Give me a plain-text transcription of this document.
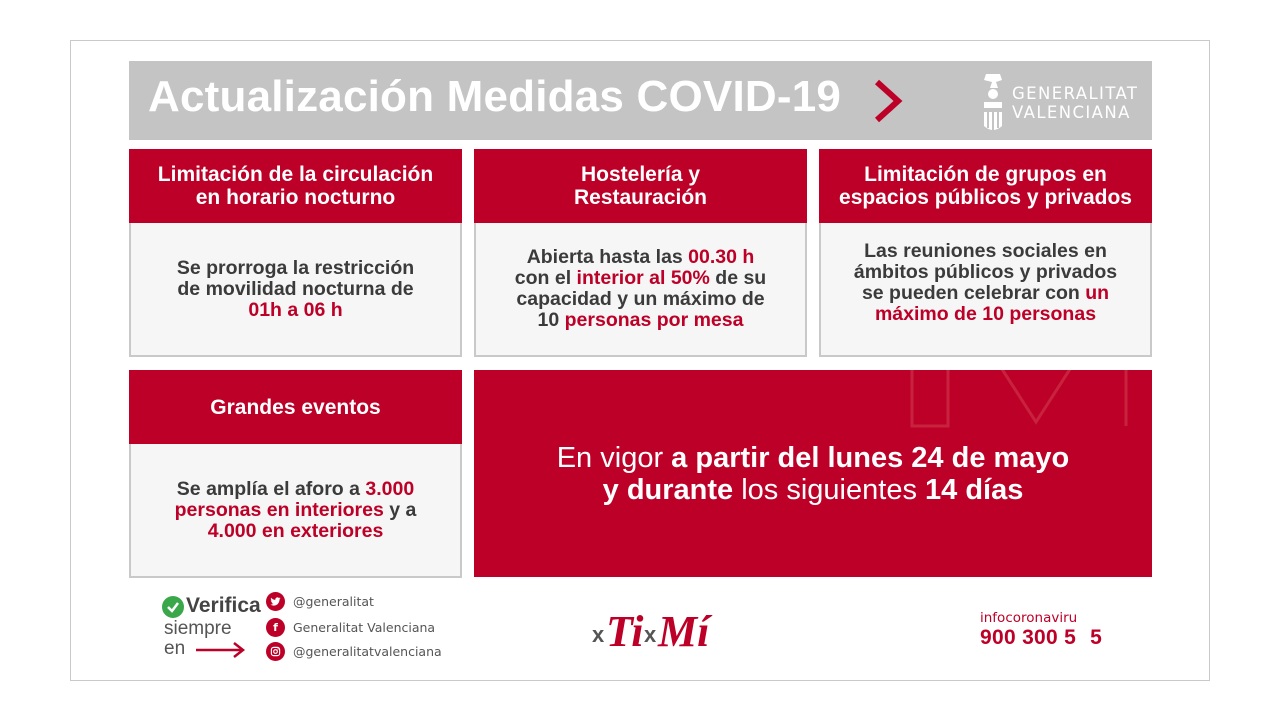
Actualización Medidas COVID-19	GENERALITAT
VALENCIANA
Limitación de la circulación en horario nocturno
Se prorroga la restricción de movilidad nocturna de 01h a 06 h
Hostelería y Restauración
Abierta hasta las 00.30 h con el interior al 50% de su capacidad y un máximo de 10 personas por mesa
Limitación de grupos en espacios públicos y privados
Las reuniones sociales en ámbitos públicos y privados se pueden celebrar con un máximo de 10 personas
Grandes eventos
Se amplía el aforo a 3.000 personas en interiores y a 4.000 en exteriores
En vigor a partir del lunes 24 de mayo
y durante los siguientes 14 días
Verifica
siempre
en
@generalitat
f	Generalitat Valenciana
@generalitatvalenciana
x Ti x Mí	infocoronaviru
900 300 5 5
